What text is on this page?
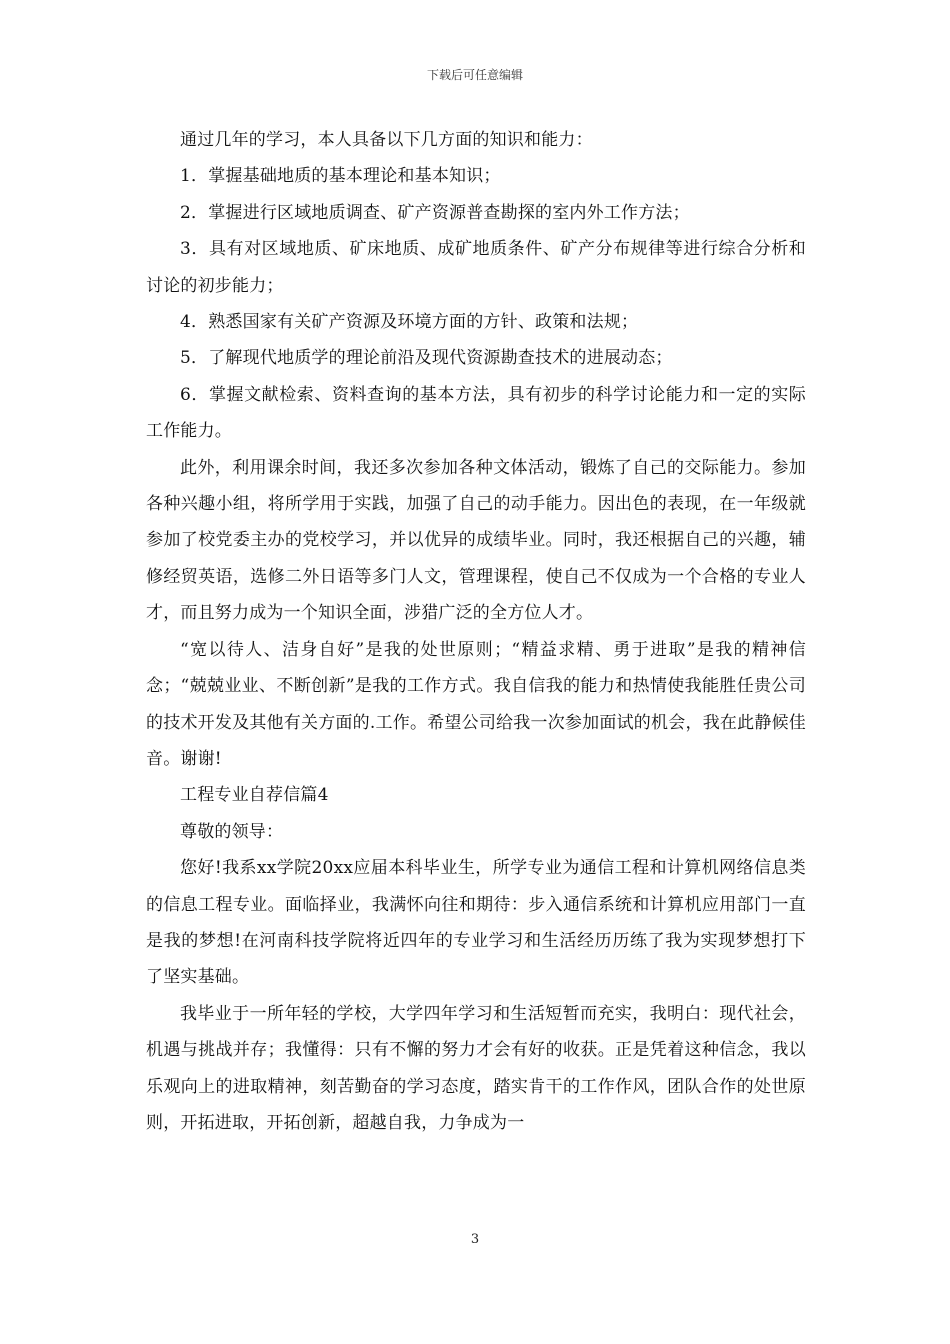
下载后可任意编辑

通过几年的学习，本人具备以下几方面的知识和能力：

1．掌握基础地质的基本理论和基本知识；

2．掌握进行区域地质调查、矿产资源普查勘探的室内外工作方法；

3．具有对区域地质、矿床地质、成矿地质条件、矿产分布规律等进行综合分析和讨论的初步能力；

4．熟悉国家有关矿产资源及环境方面的方针、政策和法规；

5．了解现代地质学的理论前沿及现代资源勘查技术的进展动态；

6．掌握文献检索、资料查询的基本方法，具有初步的科学讨论能力和一定的实际工作能力。

此外，利用课余时间，我还多次参加各种文体活动，锻炼了自己的交际能力。参加各种兴趣小组，将所学用于实践，加强了自己的动手能力。因出色的表现，在一年级就参加了校党委主办的党校学习，并以优异的成绩毕业。同时，我还根据自己的兴趣，辅修经贸英语，选修二外日语等多门人文，管理课程，使自己不仅成为一个合格的专业人才，而且努力成为一个知识全面，涉猎广泛的全方位人才。

“宽以待人、洁身自好”是我的处世原则；“精益求精、勇于进取”是我的精神信念；“兢兢业业、不断创新”是我的工作方式。我自信我的能力和热情使我能胜任贵公司的技术开发及其他有关方面的.工作。希望公司给我一次参加面试的机会，我在此静候佳音。谢谢!

工程专业自荐信篇4

尊敬的领导：

您好!我系xx学院20xx应届本科毕业生，所学专业为通信工程和计算机网络信息类的信息工程专业。面临择业，我满怀向往和期待：步入通信系统和计算机应用部门一直是我的梦想!在河南科技学院将近四年的专业学习和生活经历历练了我为实现梦想打下了坚实基础。

我毕业于一所年轻的学校，大学四年学习和生活短暂而充实，我明白：现代社会，机遇与挑战并存；我懂得：只有不懈的努力才会有好的收获。正是凭着这种信念，我以乐观向上的进取精神，刻苦勤奋的学习态度，踏实肯干的工作作风，团队合作的处世原则，开拓进取，开拓创新，超越自我，力争成为一

3
